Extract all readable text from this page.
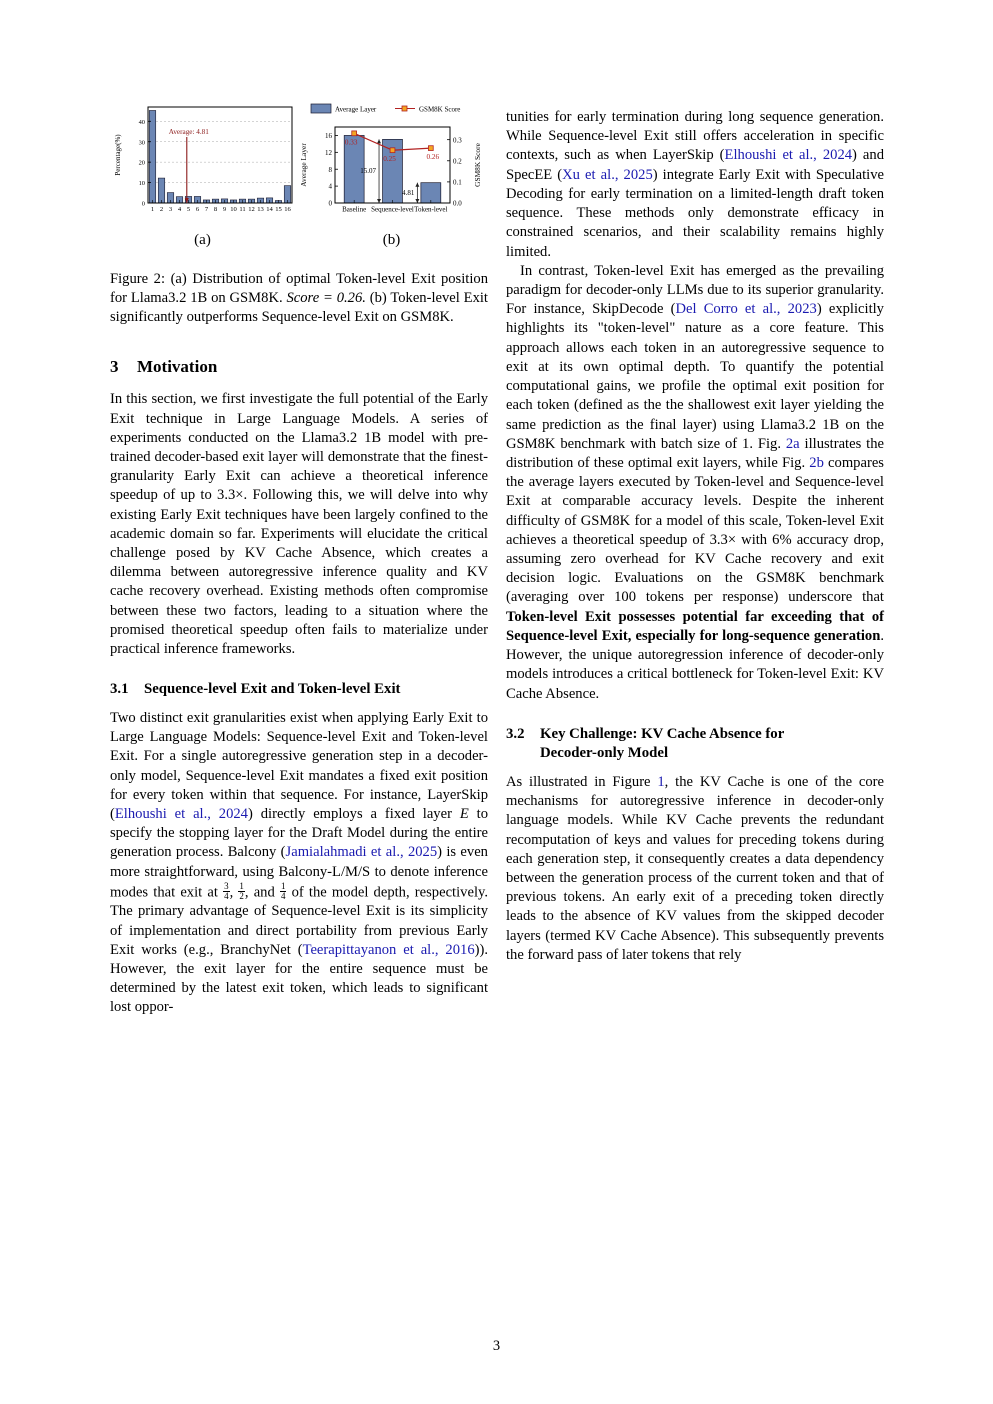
0
10
20
30
40
1 2 3 4 5 6 7 8 9 10 11 12 13 14 15 16
Percentage(%)
Average: 4.81
(a)
Average Layer	GSM8K Score
15.07
4.81
0
4
8
12
16
0.0
0.1
0.2
0.3
0.33
0.25	0.26
Baseline Sequence-level Token-level
Average Layer	GSM8K Score
(b)
Figure 2: (a) Distribution of optimal Token-level Exit position for Llama3.2 1B on GSM8K. Score = 0.26. (b) Token-level Exit significantly outperforms Sequence-level Exit on GSM8K.
3 Motivation

In this section, we first investigate the full potential of the Early Exit technique in Large Language Models. A series of experiments conducted on the Llama3.2 1B model with pre-trained decoder-based exit layer will demonstrate that the finest-granularity Early Exit can achieve a theoretical inference speedup of up to 3.3×. Following this, we will delve into why existing Early Exit techniques have been largely confined to the academic domain so far. Experiments will elucidate the critical challenge posed by KV Cache Absence, which creates a dilemma between autoregressive inference quality and KV cache recovery overhead. Existing methods often compromise between these two factors, leading to a situation where the promised theoretical speedup often fails to materialize under practical inference frameworks.

3.1 Sequence-level Exit and Token-level Exit

Two distinct exit granularities exist when applying Early Exit to Large Language Models: Sequence-level Exit and Token-level Exit. For a single autoregressive generation step in a decoder-only model, Sequence-level Exit mandates a fixed exit position for every token within that sequence. For instance, LayerSkip (Elhoushi et al., 2024) directly employs a fixed layer E to specify the stopping layer for the Draft Model during the entire generation process. Balcony (Jamialahmadi et al., 2025) is even more straightforward, using Balcony-L/M/S to denote inference modes that exit at $\frac{3}{4}$ , $\frac{1}{2}$ , and $\frac{1}{4}$ of the model depth, respectively. The primary advantage of Sequence-level Exit is its simplicity of implementation and direct portability from previous Early Exit works (e.g., BranchyNet (Teerapittayanon et al., 2016)). However, the exit layer for the entire sequence must be determined by the latest exit token, which leads to significant lost oppor-

tunities for early termination during long sequence generation. While Sequence-level Exit still offers acceleration in specific contexts, such as when LayerSkip (Elhoushi et al., 2024) and SpecEE (Xu et al., 2025) integrate Early Exit with Speculative Decoding for early termination on a limited-length draft token sequence. These methods only demonstrate efficacy in constrained scenarios, and their scalability remains highly limited.

In contrast, Token-level Exit has emerged as the prevailing paradigm for decoder-only LLMs due to its superior granularity. For instance, SkipDecode (Del Corro et al., 2023) explicitly highlights its "token-level" nature as a core feature. This approach allows each token in an autoregressive sequence to exit at its own optimal depth. To quantify the potential computational gains, we profile the optimal exit position for each token (defined as the the shallowest exit layer yielding the same prediction as the final layer) using Llama3.2 1B on the GSM8K benchmark with batch size of 1. Fig. 2a illustrates the distribution of these optimal exit layers, while Fig. 2b compares the average layers executed by Token-level and Sequence-level Exit at comparable accuracy levels. Despite the inherent difficulty of GSM8K for a model of this scale, Token-level Exit achieves a theoretical speedup of 3.3× with 6% accuracy drop, assuming zero overhead for KV Cache recovery and exit decision logic. Evaluations on the GSM8K benchmark (averaging over 100 tokens per response) underscore that Token-level Exit possesses potential far exceeding that of Sequence-level Exit, especially for long-sequence generation. However, the unique autoregression inference of decoder-only models introduces a critical bottleneck for Token-level Exit: KV Cache Absence.

3.2 Key Challenge: KV Cache Absence for
Decoder-only Model

As illustrated in Figure 1, the KV Cache is one of the core mechanisms for autoregressive inference in decoder-only language models. While KV Cache prevents the redundant recomputation of keys and values for preceding tokens during each generation step, it consequently creates a data dependency between the generation process of the current token and that of previous tokens. An early exit of a preceding token directly leads to the absence of KV values from the skipped decoder layers (termed KV Cache Absence). This subsequently prevents the forward pass of later tokens that rely

3
